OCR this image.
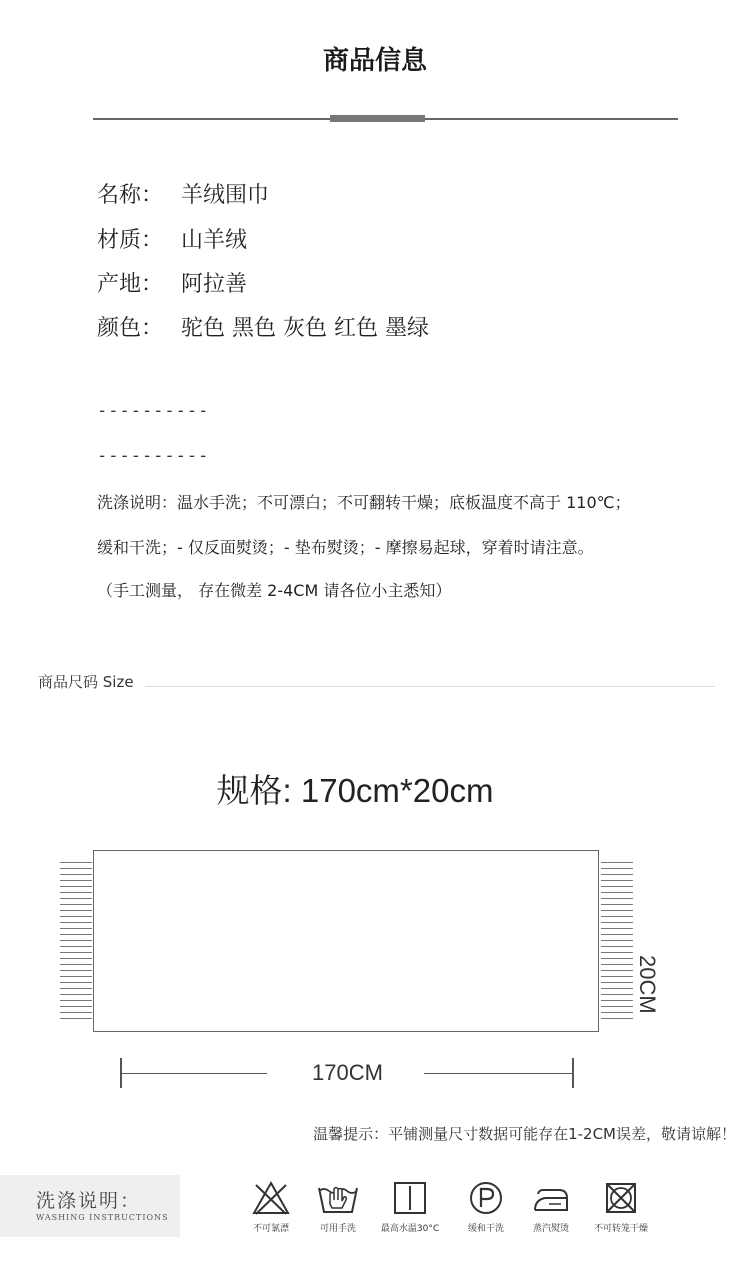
商品信息
名称： 羊绒围巾
材质： 山羊绒
产地： 阿拉善
颜色： 驼色 黑色 灰色 红色 墨绿
----------
----------
洗涤说明：温水手洗；不可漂白；不可翻转干燥；底板温度不高于 110℃；
缓和干洗；- 仅反面熨烫；- 垫布熨烫；- 摩擦易起球，穿着时请注意。
（手工测量， 存在微差 2-4CM 请各位小主悉知）
商品尺码 Size
规格: 170cm*20cm
20CM
170CM
温馨提示：平铺测量尺寸数据可能存在1-2CM误差，敬请谅解！
洗涤说明：
WASHING INSTRUCTIONS
不可氯漂	可用手洗	最高水温30°C	缓和干洗	蒸汽熨烫	不可转笼干燥
